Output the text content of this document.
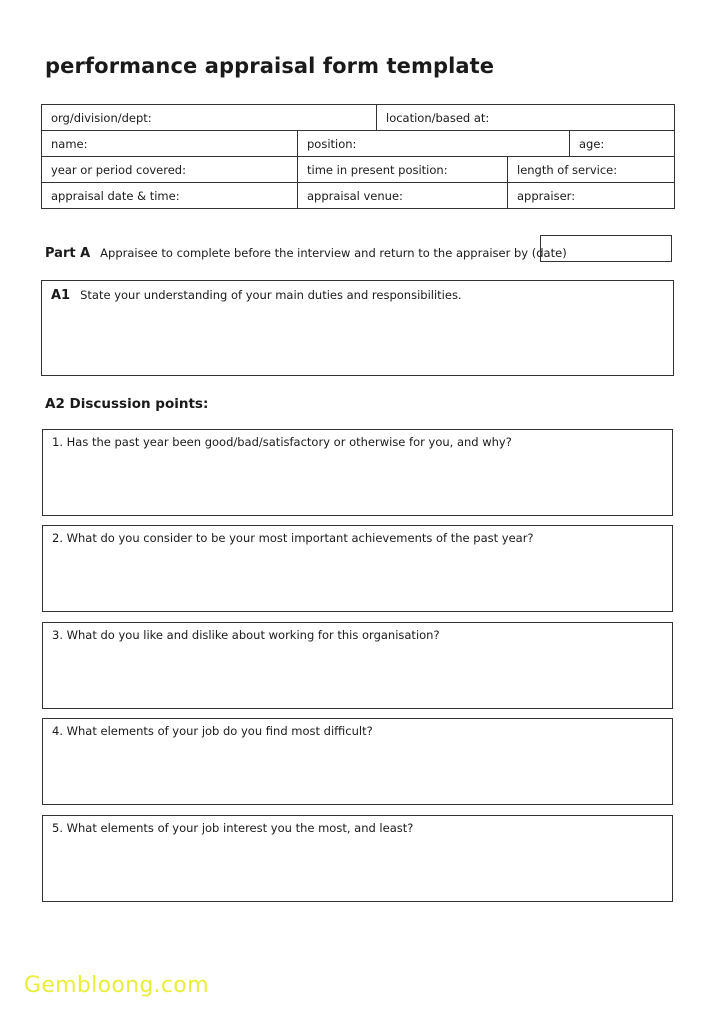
performance appraisal form template
org/division/dept:		location/based at:		
name:	position:			age:
year or period covered:	time in present position:		length of service:	
appraisal date & time:	appraisal venue:		appraiser:	
Part A Appraisee to complete before the interview and return to the appraiser by (date)
A1 State your understanding of your main duties and responsibilities.
A2 Discussion points:
1. Has the past year been good/bad/satisfactory or otherwise for you, and why?
2. What do you consider to be your most important achievements of the past year?
3. What do you like and dislike about working for this organisation?
4. What elements of your job do you find most difficult?
5. What elements of your job interest you the most, and least?
Gembloong.com
